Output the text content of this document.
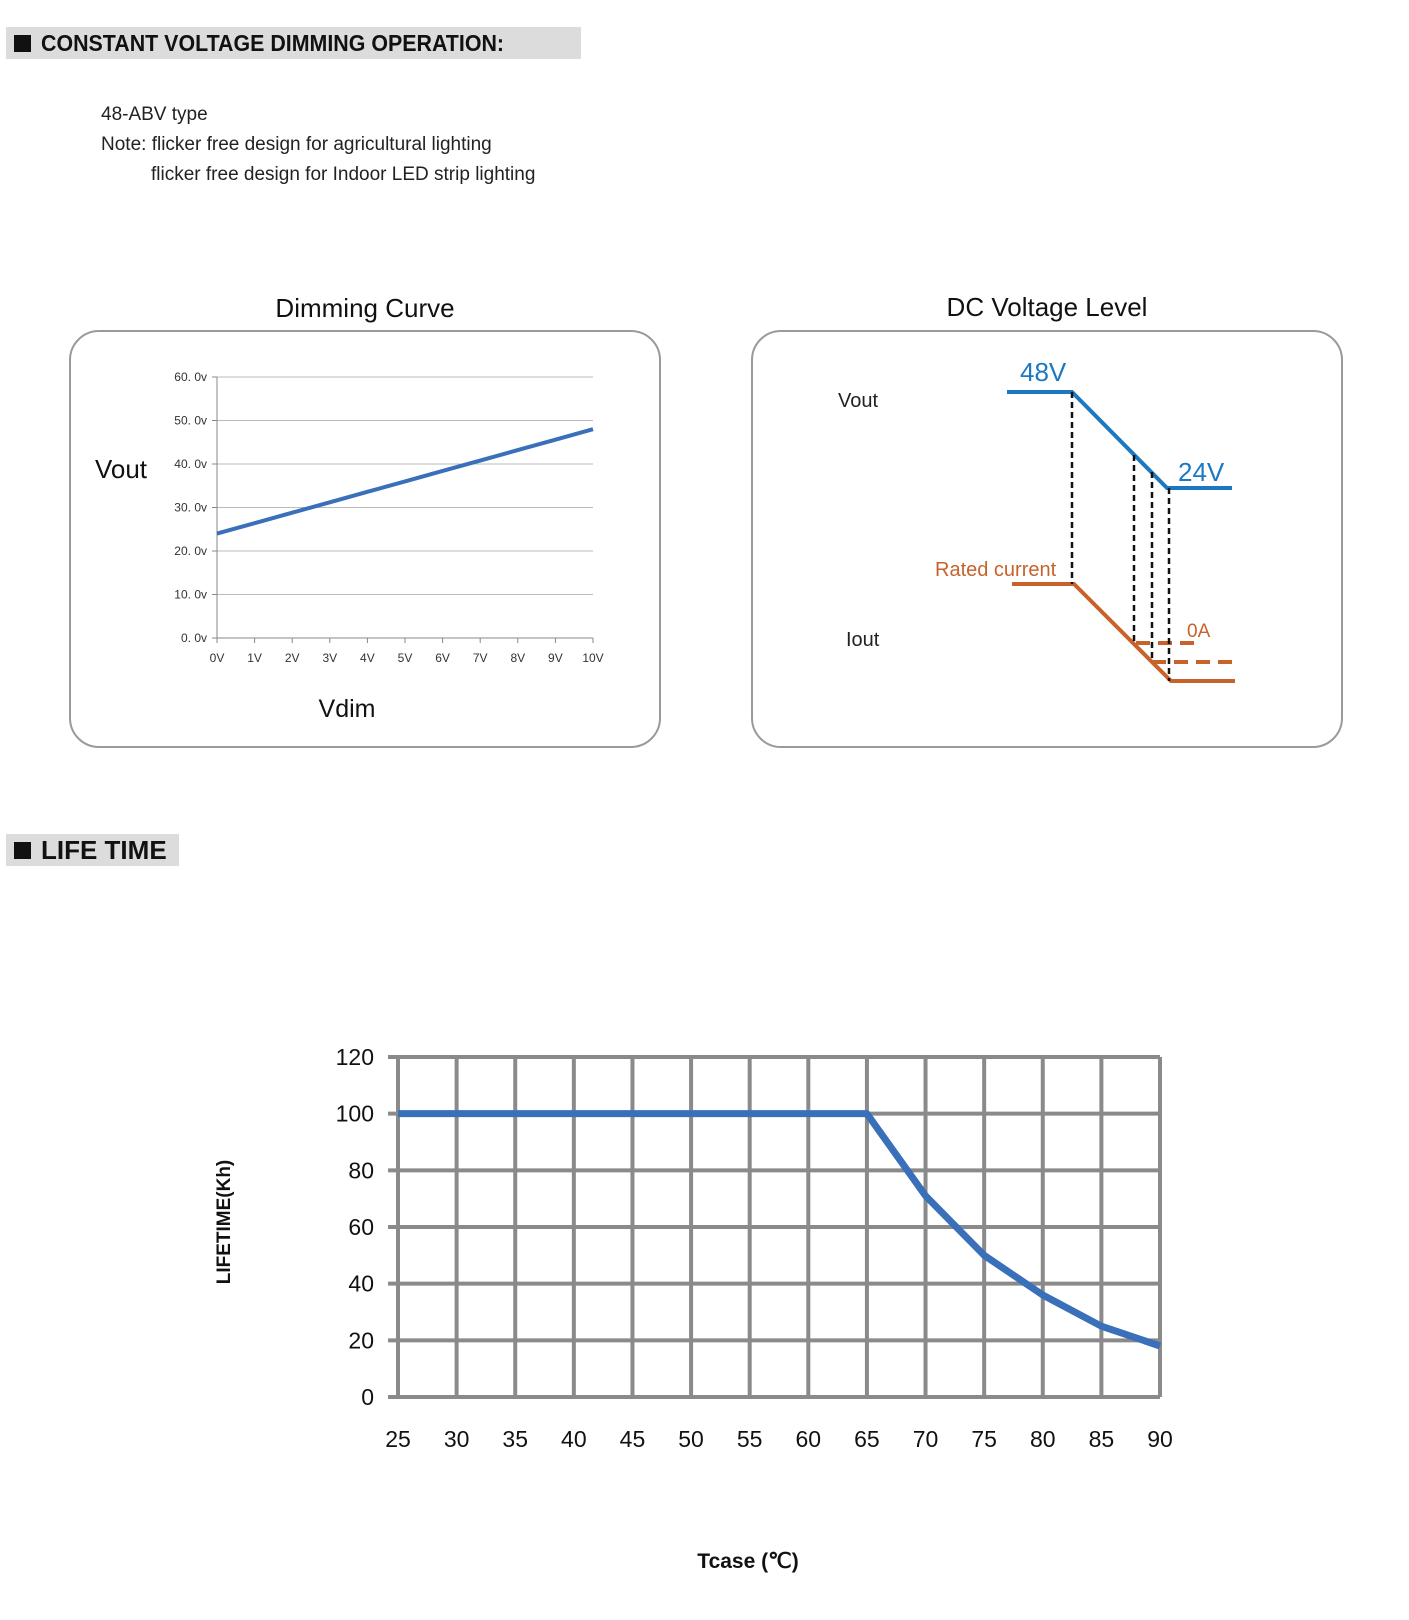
CONSTANT VOLTAGE DIMMING OPERATION:
48-ABV type
Note: flicker free design for agricultural lighting
flicker free design for Indoor LED strip lighting
Dimming Curve
Vout
Vdim
0. 0v
10. 0v
20. 0v
30. 0v
40. 0v
50. 0v
60. 0v
0V 1V 2V 3V 4V 5V 6V 7V 8V 9V 10V
DC Voltage Level
Vout
Iout
48V
24V
Rated current
0A
LIFE TIME
LIFETIME(Kh)
Tcase (℃)
25 30 35 40 45 50 55 60 65 70 75 80 85 90
0
20
40
60
80
100
120
